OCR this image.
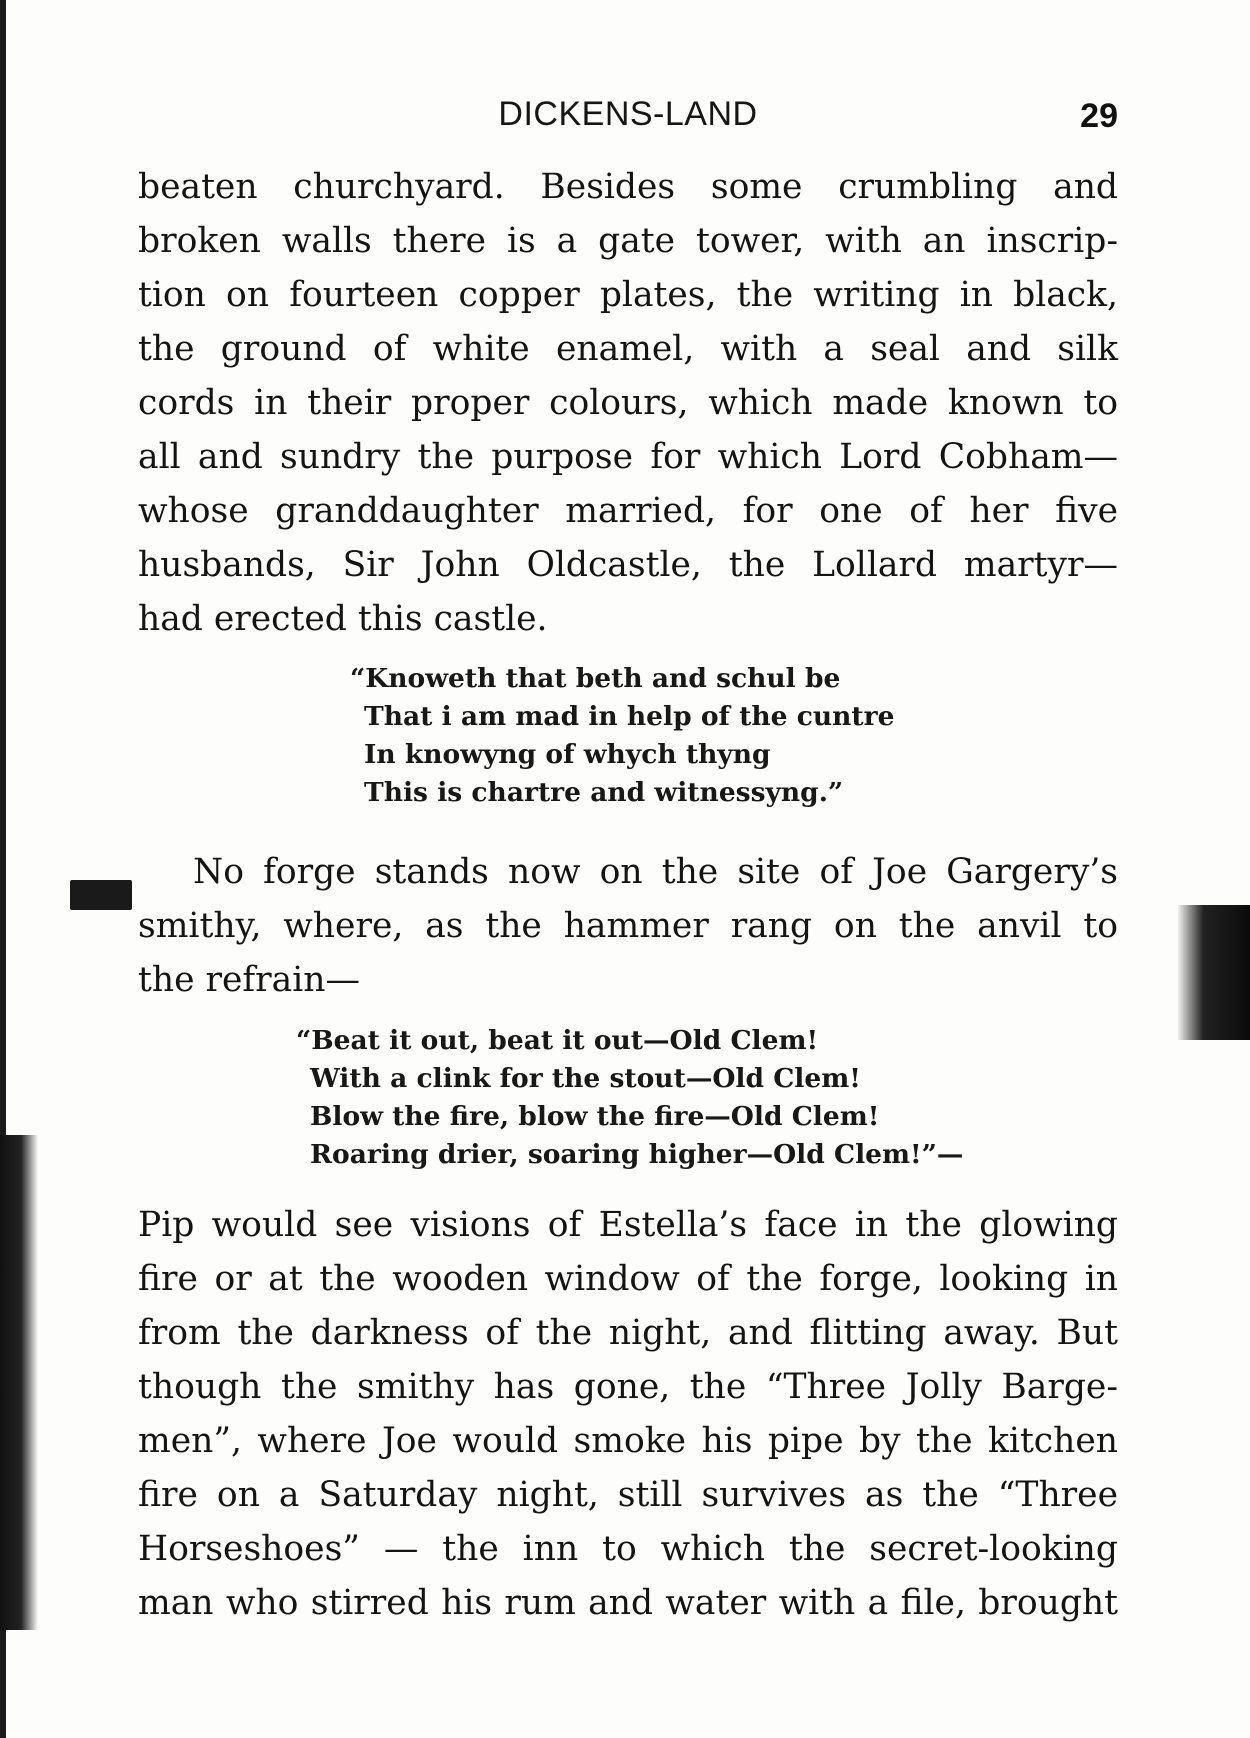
DICKENS-LAND	29
beaten churchyard. Besides some crumbling and
broken walls there is a gate tower, with an inscrip-
tion on fourteen copper plates, the writing in black,
the ground of white enamel, with a seal and silk
cords in their proper colours, which made known to
all and sundry the purpose for which Lord Cobham—
whose granddaughter married, for one of her five
husbands, Sir John Oldcastle, the Lollard martyr—
had erected this castle.
“Knoweth that beth and schul be
That i am mad in help of the cuntre
In knowyng of whych thyng
This is chartre and witnessyng.”
No forge stands now on the site of Joe Gargery’s
smithy, where, as the hammer rang on the anvil to
the refrain—
“Beat it out, beat it out—Old Clem!
With a clink for the stout—Old Clem!
Blow the fire, blow the fire—Old Clem!
Roaring drier, soaring higher—Old Clem!”—
Pip would see visions of Estella’s face in the glowing
fire or at the wooden window of the forge, looking in
from the darkness of the night, and flitting away. But
though the smithy has gone, the “Three Jolly Barge-
men”, where Joe would smoke his pipe by the kitchen
fire on a Saturday night, still survives as the “Three
Horseshoes” — the inn to which the secret-looking
man who stirred his rum and water with a file, brought
